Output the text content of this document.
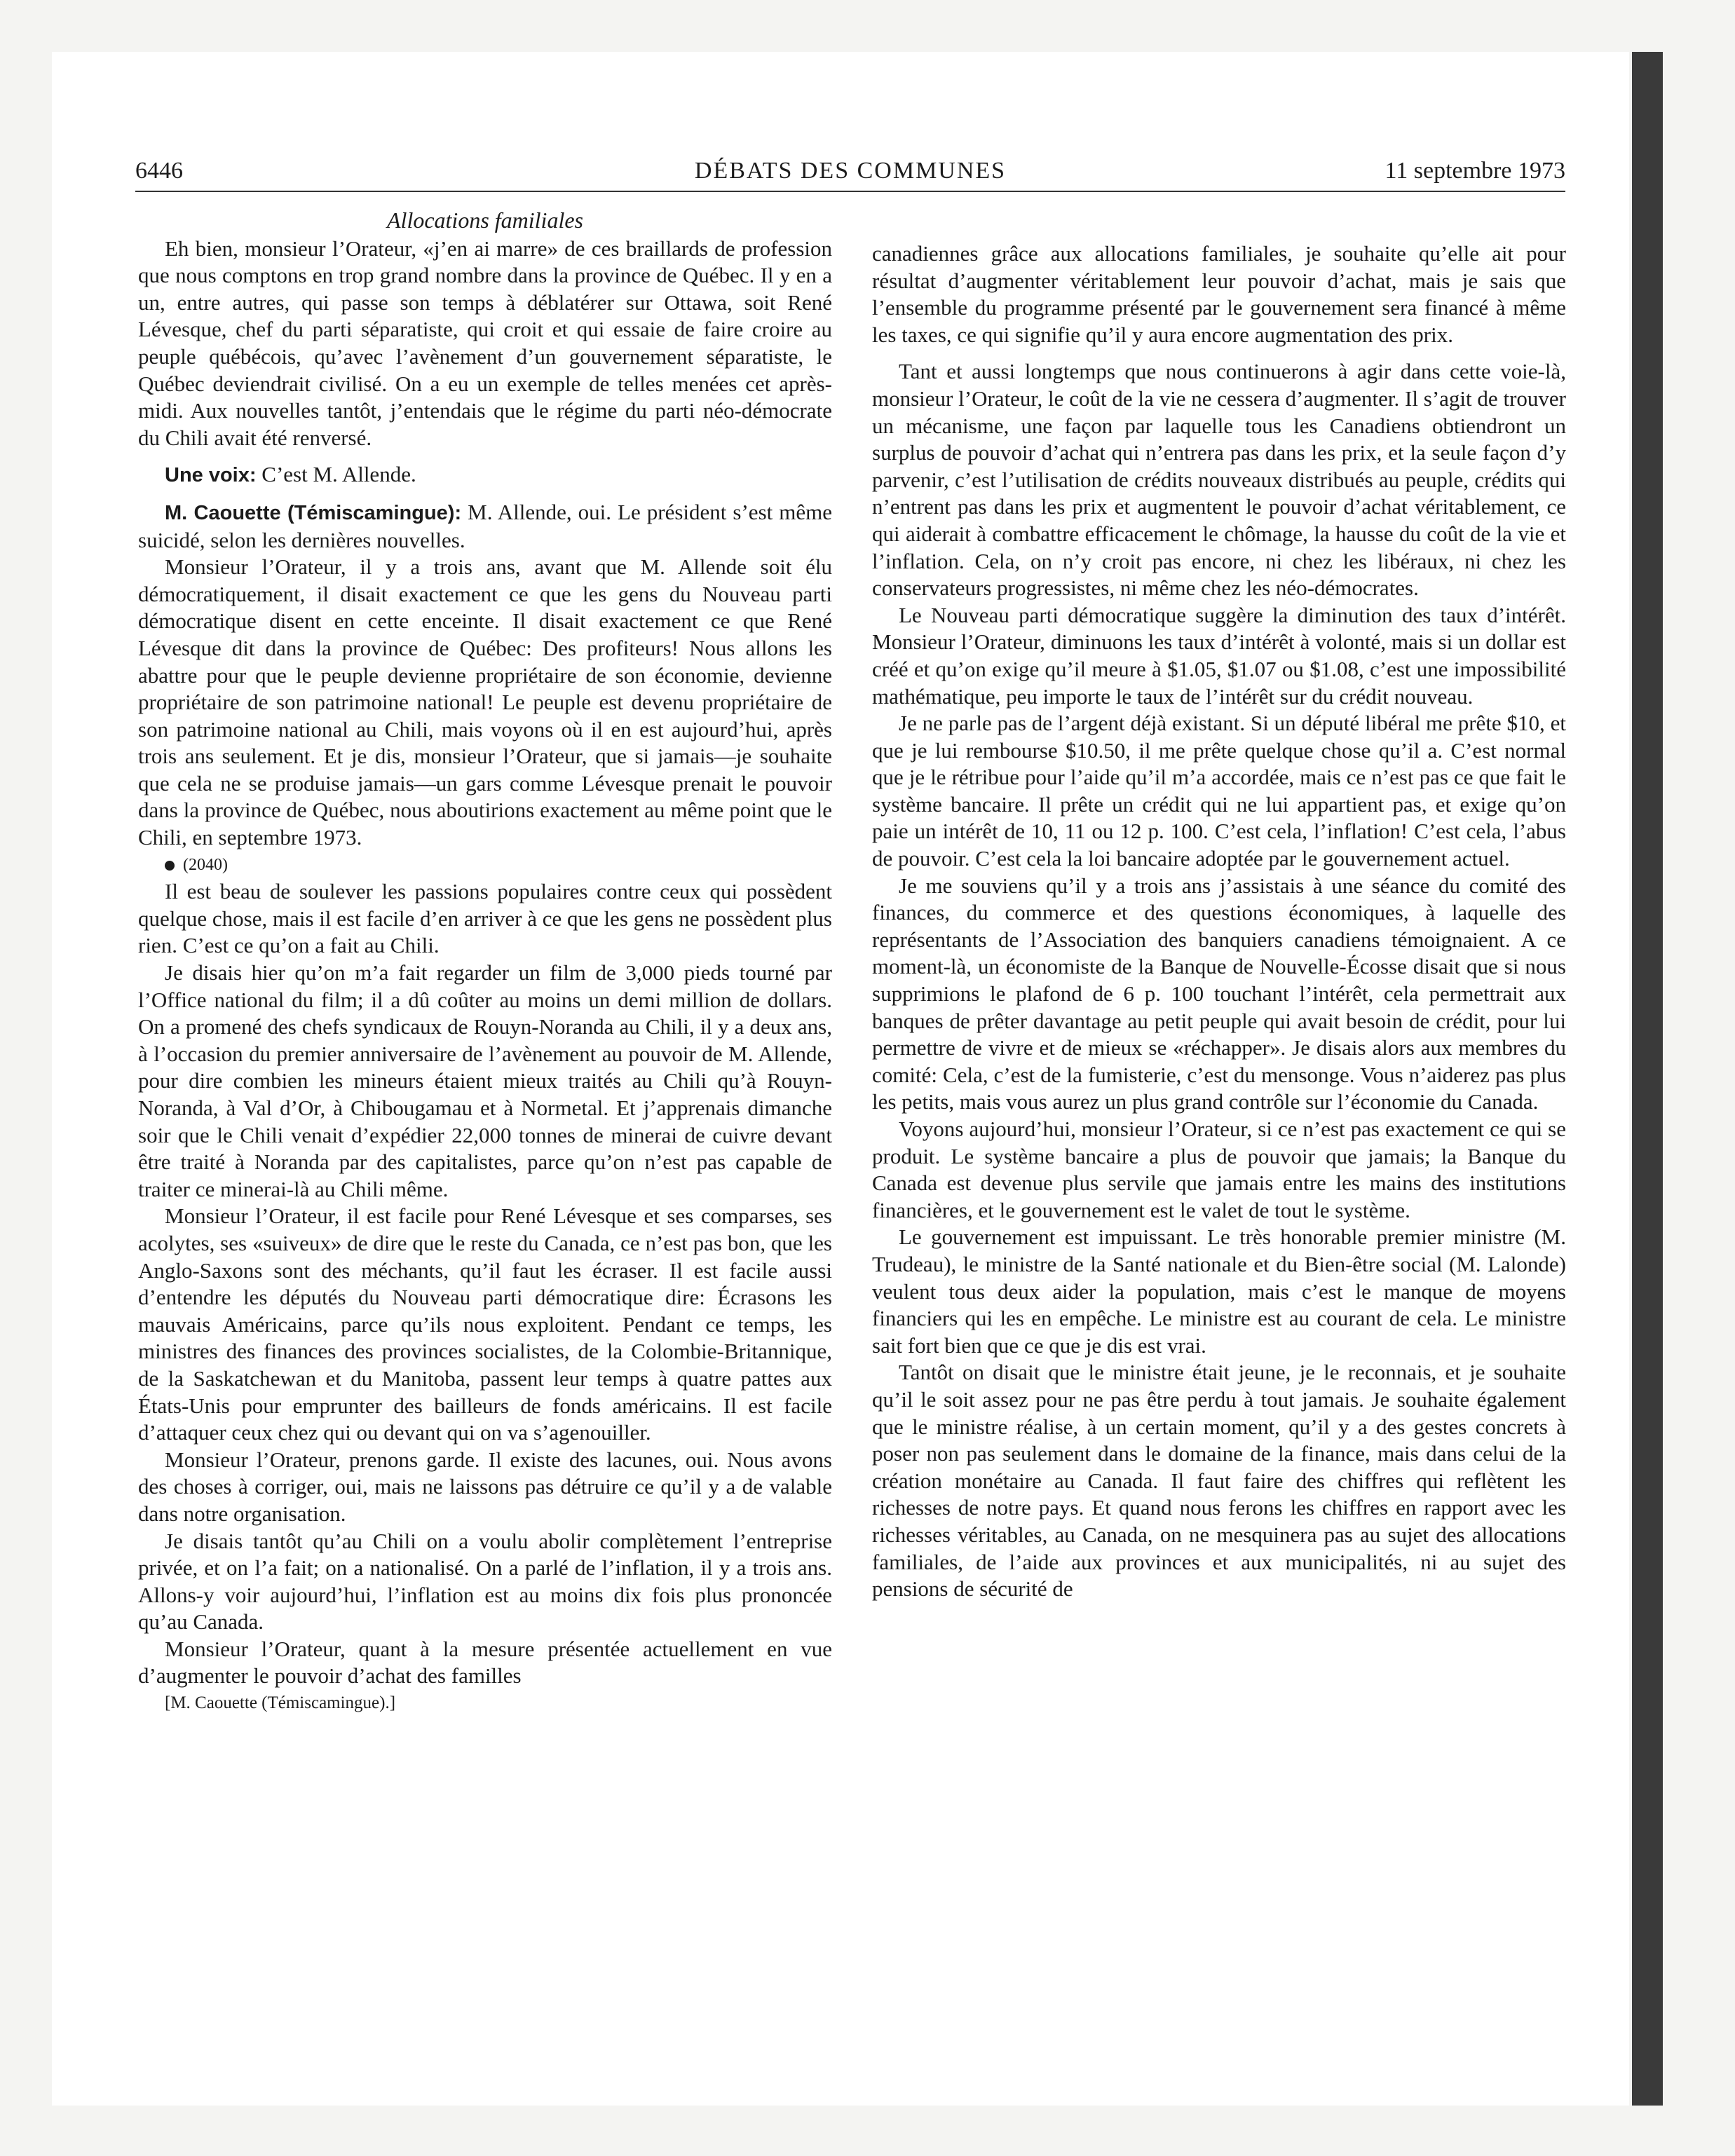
6446	DÉBATS DES COMMUNES	11 septembre 1973
Allocations familiales

Eh bien, monsieur l’Orateur, «j’en ai marre» de ces braillards de profession que nous comptons en trop grand nombre dans la province de Québec. Il y en a un, entre autres, qui passe son temps à déblatérer sur Ottawa, soit René Lévesque, chef du parti séparatiste, qui croit et qui essaie de faire croire au peuple québécois, qu’avec l’avènement d’un gouvernement séparatiste, le Québec deviendrait civilisé. On a eu un exemple de telles menées cet après-midi. Aux nouvelles tantôt, j’entendais que le régime du parti néo-démocrate du Chili avait été renversé.

Une voix: C’est M. Allende.

M. Caouette (Témiscamingue): M. Allende, oui. Le président s’est même suicidé, selon les dernières nouvelles.

Monsieur l’Orateur, il y a trois ans, avant que M. Allende soit élu démocratiquement, il disait exactement ce que les gens du Nouveau parti démocratique disent en cette enceinte. Il disait exactement ce que René Lévesque dit dans la province de Québec: Des profiteurs! Nous allons les abattre pour que le peuple devienne propriétaire de son économie, devienne propriétaire de son patrimoine national! Le peuple est devenu propriétaire de son patrimoine national au Chili, mais voyons où il en est aujourd’hui, après trois ans seulement. Et je dis, monsieur l’Orateur, que si jamais—je souhaite que cela ne se produise jamais—un gars comme Lévesque prenait le pouvoir dans la province de Québec, nous aboutirions exactement au même point que le Chili, en septembre 1973.

(2040)

Il est beau de soulever les passions populaires contre ceux qui possèdent quelque chose, mais il est facile d’en arriver à ce que les gens ne possèdent plus rien. C’est ce qu’on a fait au Chili.

Je disais hier qu’on m’a fait regarder un film de 3,000 pieds tourné par l’Office national du film; il a dû coûter au moins un demi million de dollars. On a promené des chefs syndicaux de Rouyn-Noranda au Chili, il y a deux ans, à l’occasion du premier anniversaire de l’avènement au pouvoir de M. Allende, pour dire combien les mineurs étaient mieux traités au Chili qu’à Rouyn-Noranda, à Val d’Or, à Chibougamau et à Normetal. Et j’apprenais dimanche soir que le Chili venait d’expédier 22,000 tonnes de minerai de cuivre devant être traité à Noranda par des capitalistes, parce qu’on n’est pas capable de traiter ce minerai-là au Chili même.

Monsieur l’Orateur, il est facile pour René Lévesque et ses comparses, ses acolytes, ses «suiveux» de dire que le reste du Canada, ce n’est pas bon, que les Anglo-Saxons sont des méchants, qu’il faut les écraser. Il est facile aussi d’entendre les députés du Nouveau parti démocratique dire: Écrasons les mauvais Américains, parce qu’ils nous exploitent. Pendant ce temps, les ministres des finances des provinces socialistes, de la Colombie-Britannique, de la Saskatchewan et du Manitoba, passent leur temps à quatre pattes aux États-Unis pour emprunter des bailleurs de fonds américains. Il est facile d’attaquer ceux chez qui ou devant qui on va s’agenouiller.

Monsieur l’Orateur, prenons garde. Il existe des lacunes, oui. Nous avons des choses à corriger, oui, mais ne laissons pas détruire ce qu’il y a de valable dans notre organisation.

Je disais tantôt qu’au Chili on a voulu abolir complètement l’entreprise privée, et on l’a fait; on a nationalisé. On a parlé de l’inflation, il y a trois ans. Allons-y voir aujourd’hui, l’inflation est au moins dix fois plus prononcée qu’au Canada.

Monsieur l’Orateur, quant à la mesure présentée actuellement en vue d’augmenter le pouvoir d’achat des familles

[M. Caouette (Témiscamingue).]

canadiennes grâce aux allocations familiales, je souhaite qu’elle ait pour résultat d’augmenter véritablement leur pouvoir d’achat, mais je sais que l’ensemble du programme présenté par le gouvernement sera financé à même les taxes, ce qui signifie qu’il y aura encore augmentation des prix.

Tant et aussi longtemps que nous continuerons à agir dans cette voie-là, monsieur l’Orateur, le coût de la vie ne cessera d’augmenter. Il s’agit de trouver un mécanisme, une façon par laquelle tous les Canadiens obtiendront un surplus de pouvoir d’achat qui n’entrera pas dans les prix, et la seule façon d’y parvenir, c’est l’utilisation de crédits nouveaux distribués au peuple, crédits qui n’entrent pas dans les prix et augmentent le pouvoir d’achat véritablement, ce qui aiderait à combattre efficacement le chômage, la hausse du coût de la vie et l’inflation. Cela, on n’y croit pas encore, ni chez les libéraux, ni chez les conservateurs progressistes, ni même chez les néo-démocrates.

Le Nouveau parti démocratique suggère la diminution des taux d’intérêt. Monsieur l’Orateur, diminuons les taux d’intérêt à volonté, mais si un dollar est créé et qu’on exige qu’il meure à $1.05, $1.07 ou $1.08, c’est une impossibilité mathématique, peu importe le taux de l’intérêt sur du crédit nouveau.

Je ne parle pas de l’argent déjà existant. Si un député libéral me prête $10, et que je lui rembourse $10.50, il me prête quelque chose qu’il a. C’est normal que je le rétribue pour l’aide qu’il m’a accordée, mais ce n’est pas ce que fait le système bancaire. Il prête un crédit qui ne lui appartient pas, et exige qu’on paie un intérêt de 10, 11 ou 12 p. 100. C’est cela, l’inflation! C’est cela, l’abus de pouvoir. C’est cela la loi bancaire adoptée par le gouvernement actuel.

Je me souviens qu’il y a trois ans j’assistais à une séance du comité des finances, du commerce et des questions économiques, à laquelle des représentants de l’Association des banquiers canadiens témoignaient. A ce moment-là, un économiste de la Banque de Nouvelle-Écosse disait que si nous supprimions le plafond de 6 p. 100 touchant l’intérêt, cela permettrait aux banques de prêter davantage au petit peuple qui avait besoin de crédit, pour lui permettre de vivre et de mieux se «réchapper». Je disais alors aux membres du comité: Cela, c’est de la fumisterie, c’est du mensonge. Vous n’aiderez pas plus les petits, mais vous aurez un plus grand contrôle sur l’économie du Canada.

Voyons aujourd’hui, monsieur l’Orateur, si ce n’est pas exactement ce qui se produit. Le système bancaire a plus de pouvoir que jamais; la Banque du Canada est devenue plus servile que jamais entre les mains des institutions financières, et le gouvernement est le valet de tout le système.

Le gouvernement est impuissant. Le très honorable premier ministre (M. Trudeau), le ministre de la Santé nationale et du Bien-être social (M. Lalonde) veulent tous deux aider la population, mais c’est le manque de moyens financiers qui les en empêche. Le ministre est au courant de cela. Le ministre sait fort bien que ce que je dis est vrai.

Tantôt on disait que le ministre était jeune, je le reconnais, et je souhaite qu’il le soit assez pour ne pas être perdu à tout jamais. Je souhaite également que le ministre réalise, à un certain moment, qu’il y a des gestes concrets à poser non pas seulement dans le domaine de la finance, mais dans celui de la création monétaire au Canada. Il faut faire des chiffres qui reflètent les richesses de notre pays. Et quand nous ferons les chiffres en rapport avec les richesses véritables, au Canada, on ne mesquinera pas au sujet des allocations familiales, de l’aide aux provinces et aux municipalités, ni au sujet des pensions de sécurité de
